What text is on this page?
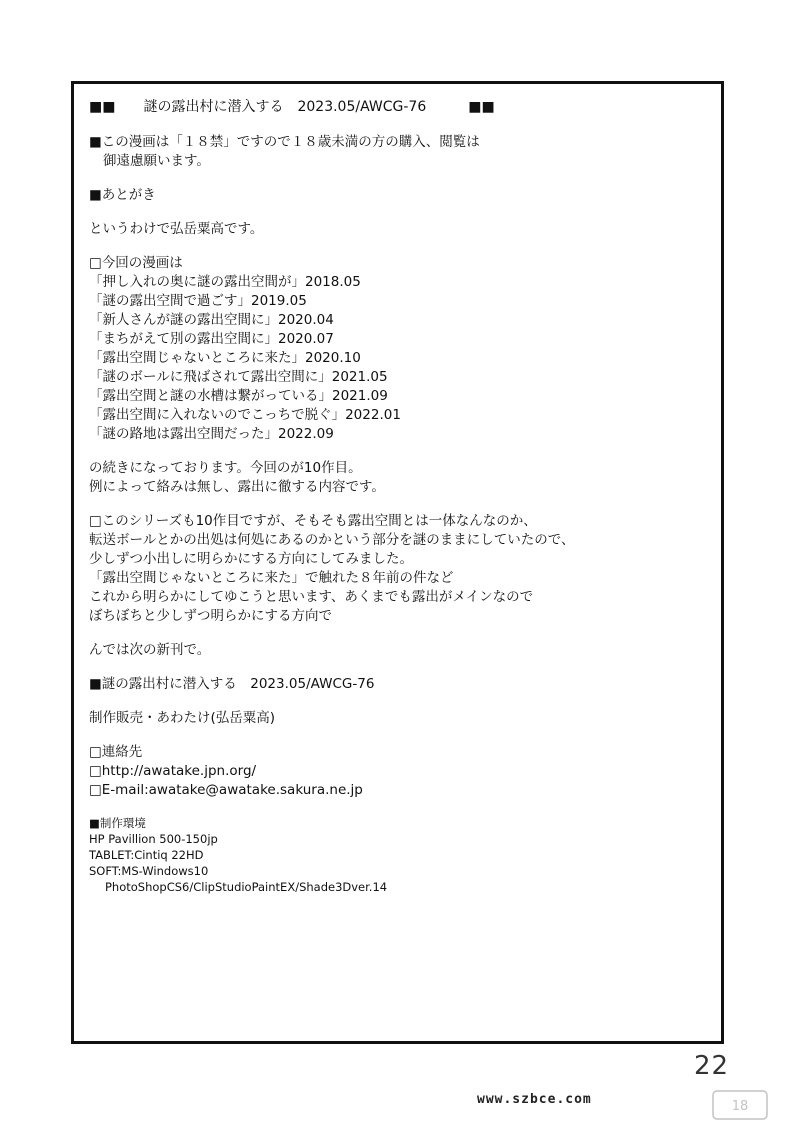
■■　　 謎の露出村に潜入する　2023.05/AWCG-76　　　	■■

■この漫画は「１８禁」ですので１８歳未満の方の購入、閲覧は

御遠慮願います。

■あとがき

というわけで弘岳粟高です。

□今回の漫画は

「押し入れの奥に謎の露出空間が」2018.05

「謎の露出空間で過ごす」2019.05

「新人さんが謎の露出空間に」2020.04

「まちがえて別の露出空間に」2020.07

「露出空間じゃないところに来た」2020.10

「謎のボールに飛ばされて露出空間に」2021.05

「露出空間と謎の水槽は繋がっている」2021.09

「露出空間に入れないのでこっちで脱ぐ」2022.01

「謎の路地は露出空間だった」2022.09

の続きになっております。今回のが10作目。

例によって絡みは無し、露出に徹する内容です。

□このシリーズも10作目ですが、そもそも露出空間とは一体なんなのか、

転送ボールとかの出処は何処にあるのかという部分を謎のままにしていたので、

少しずつ小出しに明らかにする方向にしてみました。

「露出空間じゃないところに来た」で触れた８年前の件など

これから明らかにしてゆこうと思います、あくまでも露出がメインなので

ぼちぼちと少しずつ明らかにする方向で

んでは次の新刊で。

■謎の露出村に潜入する　2023.05/AWCG-76

制作販売・あわたけ(弘岳粟高)

□連絡先

□http://awatake.jpn.org/

□E-mail:awatake@awatake.sakura.ne.jp

■制作環境

HP Pavillion 500-150jp

TABLET:Cintiq 22HD

SOFT:MS-Windows10

PhotoShopCS6/ClipStudioPaintEX/Shade3Dver.14

22
www.szbce.com	18
